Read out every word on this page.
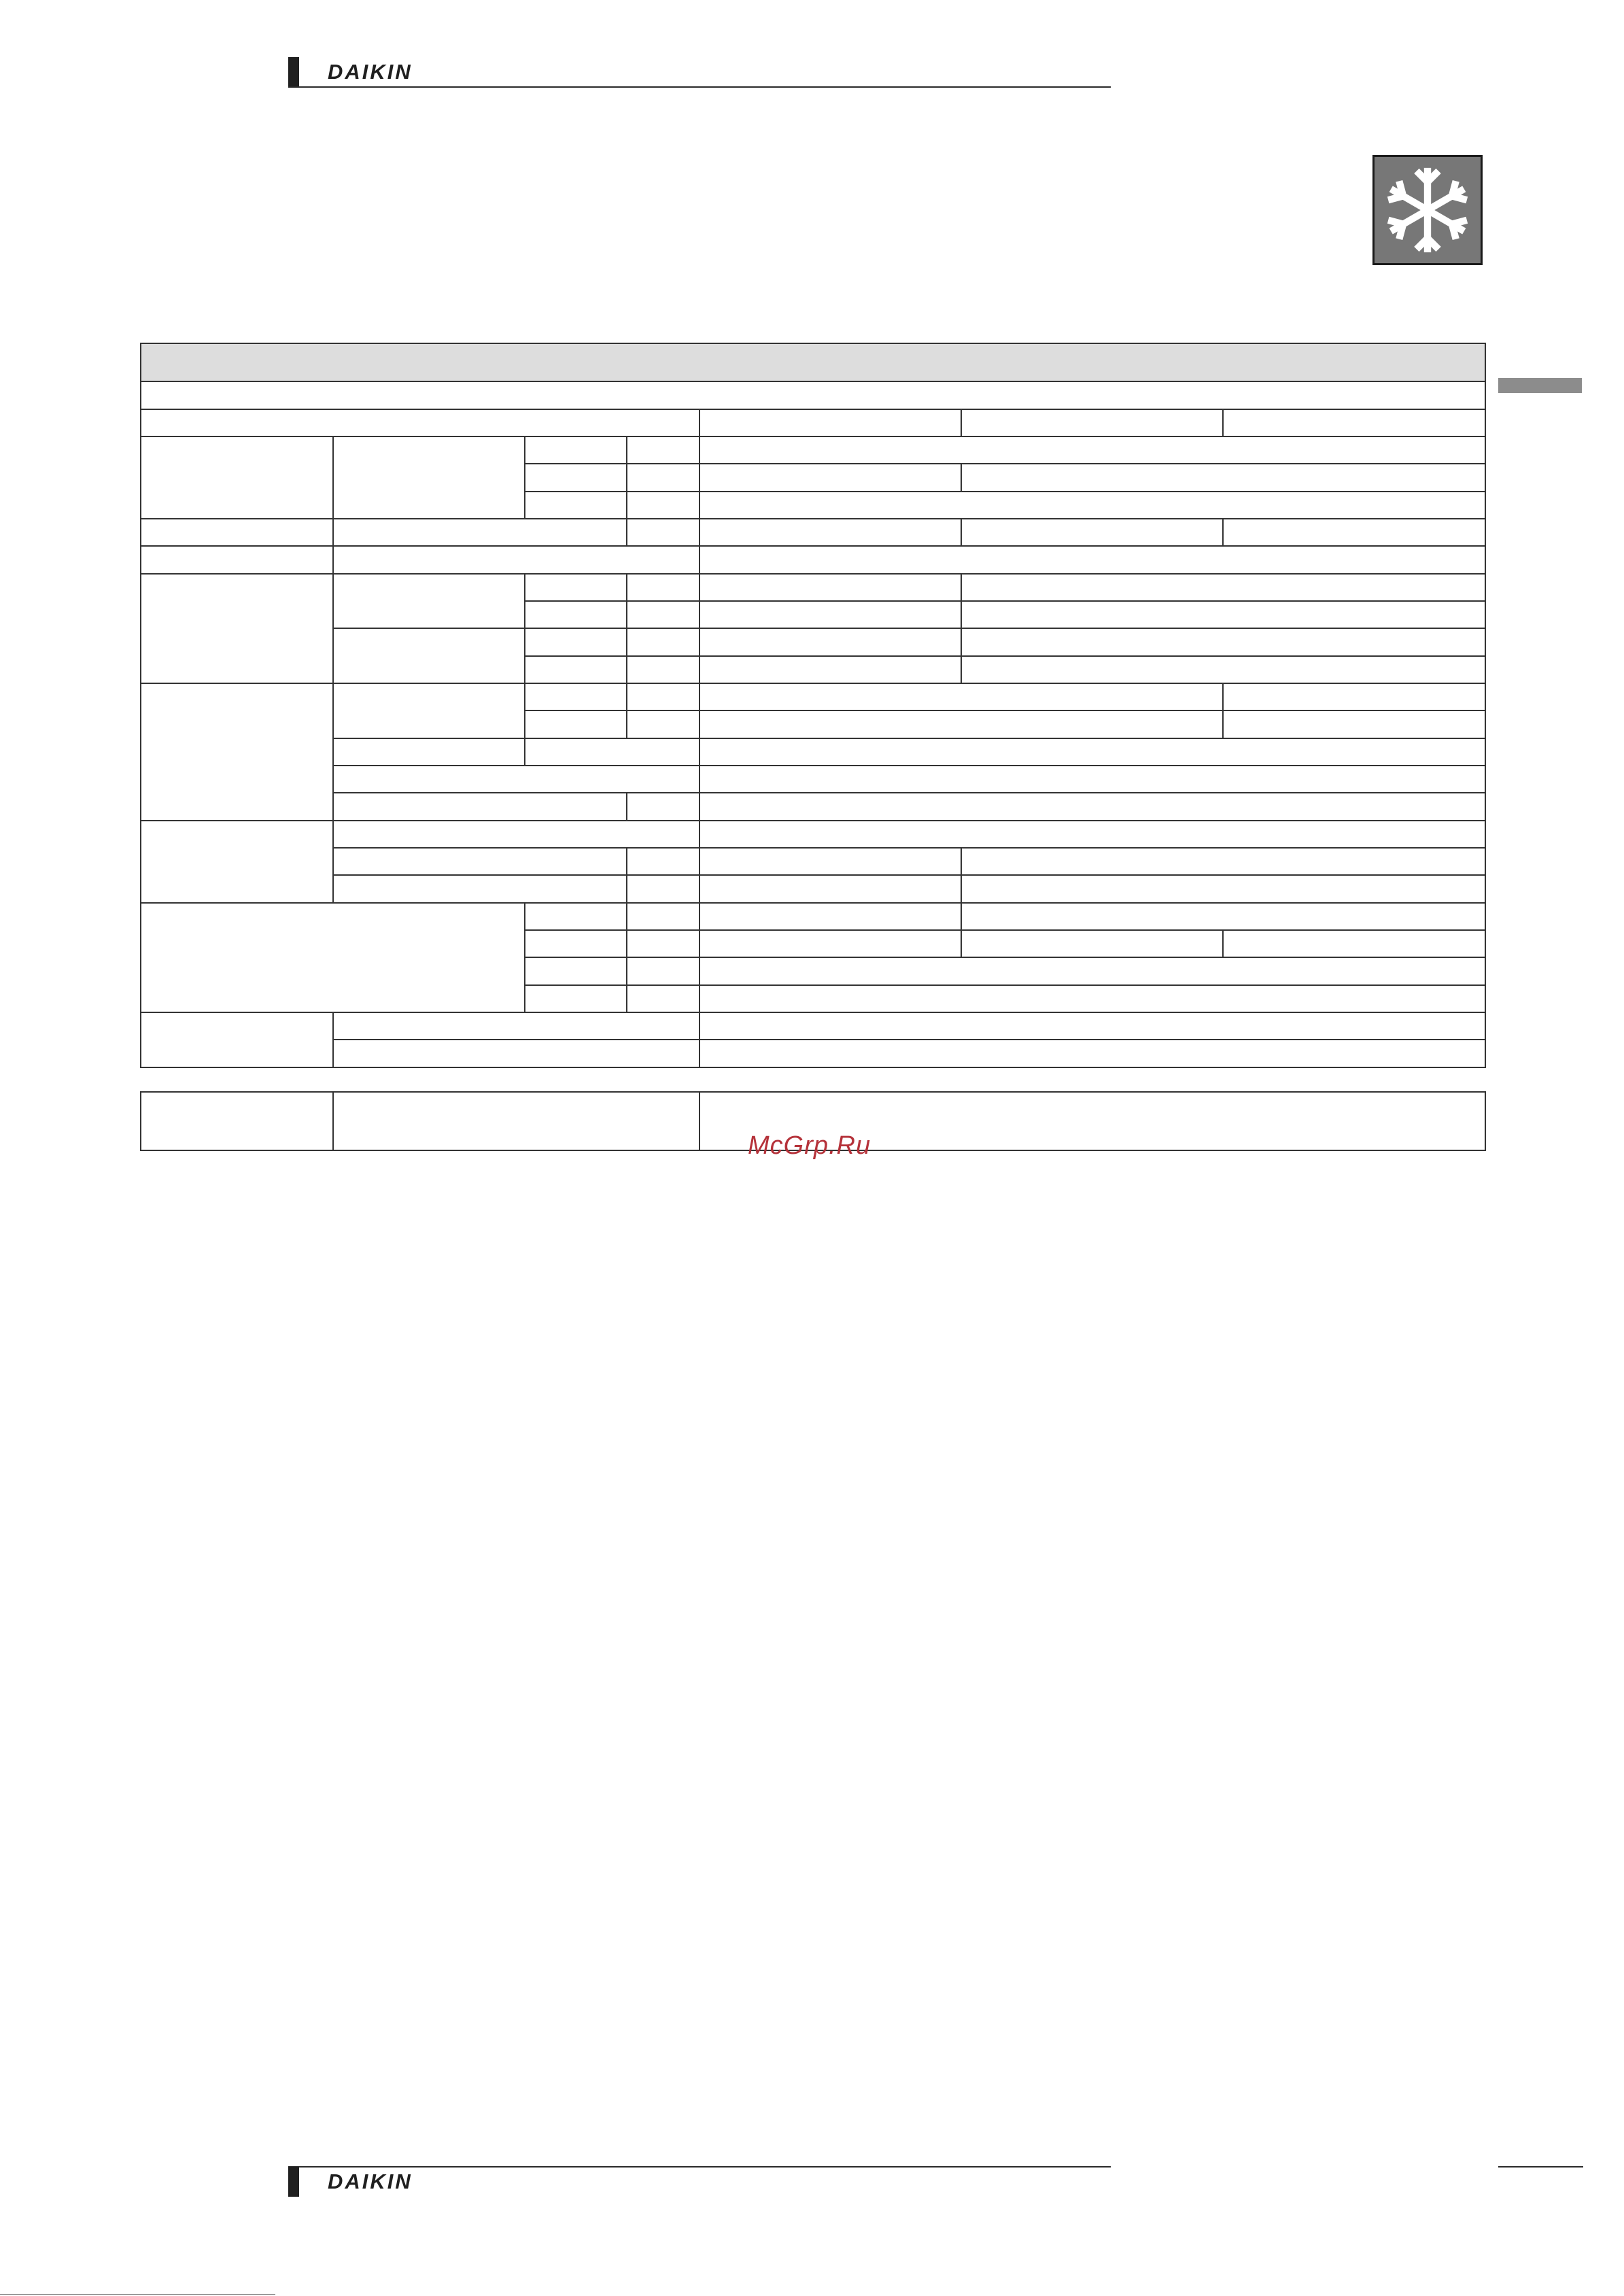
DAIKIN

McGrp.Ru
DAIKIN
